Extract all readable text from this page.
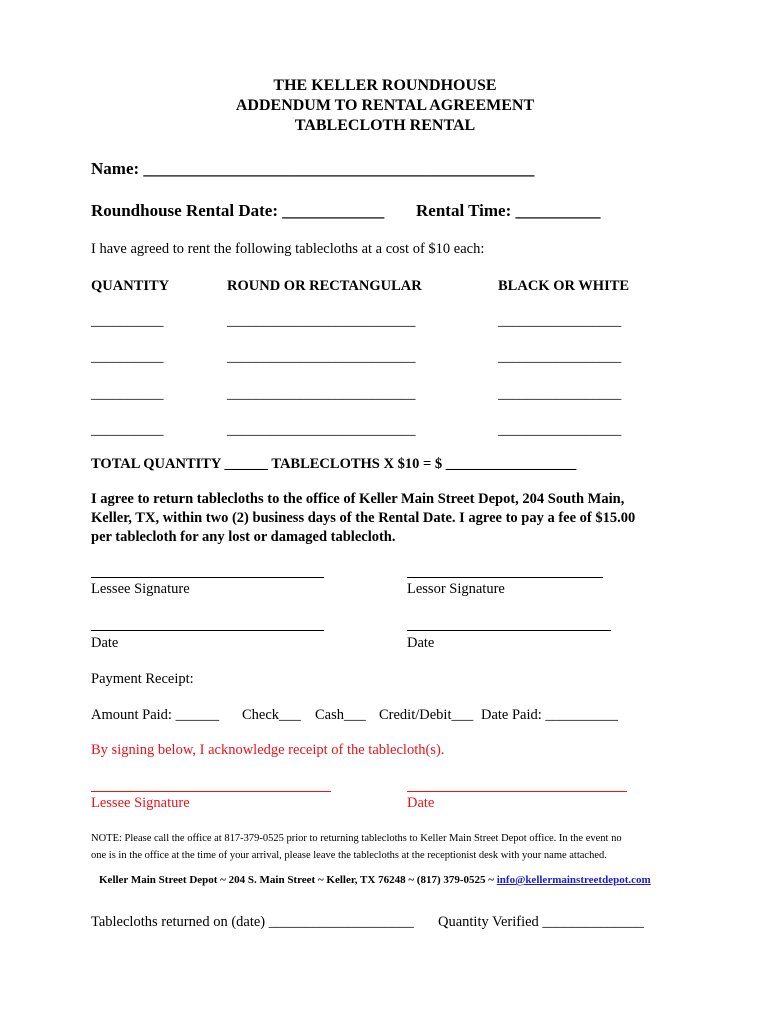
THE KELLER ROUNDHOUSE
ADDENDUM TO RENTAL AGREEMENT
TABLECLOTH RENTAL
Name: ______________________________________________
Roundhouse Rental Date: ____________ Rental Time: __________
I have agreed to rent the following tablecloths at a cost of $10 each:
QUANTITY	ROUND OR RECTANGULAR	BLACK OR WHITE
__________	__________________________	_________________
__________	__________________________	_________________
__________	__________________________	_________________
__________	__________________________	_________________
TOTAL QUANTITY ______ TABLECLOTHS X $10 = $ __________________
I agree to return tablecloths to the office of Keller Main Street Depot, 204 South Main,
Keller, TX, within two (2) business days of the Rental Date. I agree to pay a fee of $15.00
per tablecloth for any lost or damaged tablecloth.
Lessee Signature	Lessor Signature
Date	Date
Payment Receipt:
Amount Paid: ______ Check___ Cash___ Credit/Debit___ Date Paid: __________
By signing below, I acknowledge receipt of the tablecloth(s).
Lessee Signature	Date
NOTE: Please call the office at 817-379-0525 prior to returning tablecloths to Keller Main Street Depot office. In the event no
one is in the office at the time of your arrival, please leave the tablecloths at the receptionist desk with your name attached.
Keller Main Street Depot ~ 204 S. Main Street ~ Keller, TX 76248 ~ (817) 379-0525 ~ info@kellermainstreetdepot.com
Tablecloths returned on (date) ____________________ Quantity Verified ______________
